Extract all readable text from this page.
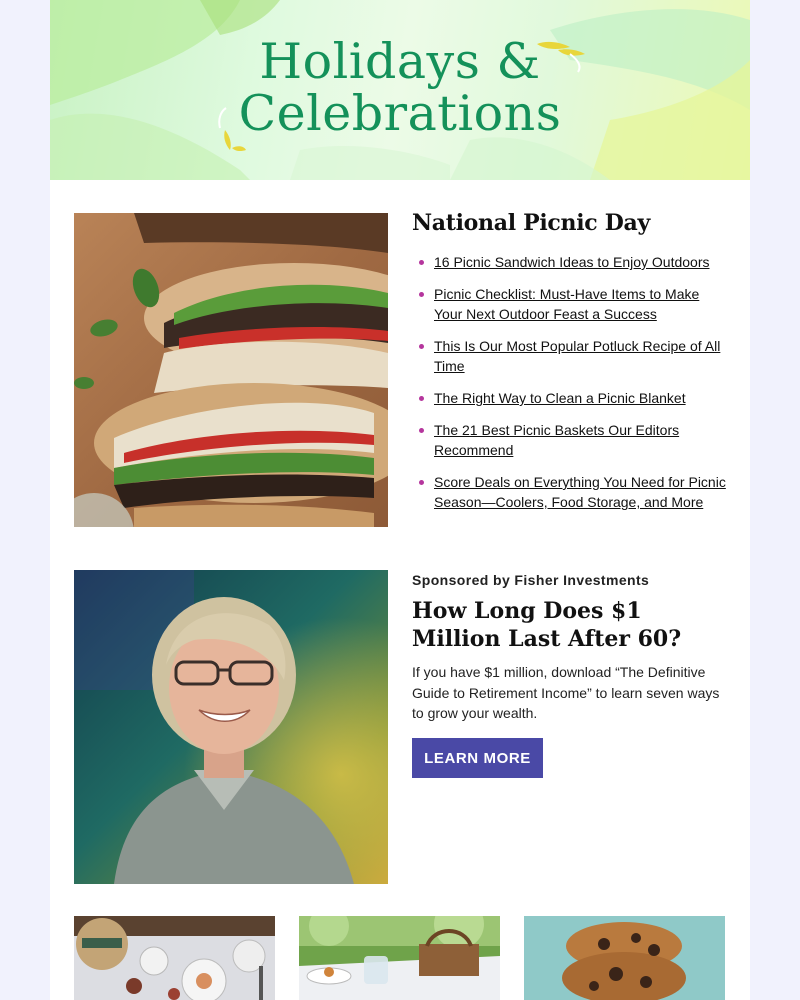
Holidays &
Celebrations
National Picnic Day
16 Picnic Sandwich Ideas to Enjoy Outdoors
Picnic Checklist: Must-Have Items to Make Your Next Outdoor Feast a Success
This Is Our Most Popular Potluck Recipe of All Time
The Right Way to Clean a Picnic Blanket
The 21 Best Picnic Baskets Our Editors Recommend
Score Deals on Everything You Need for Picnic Season—Coolers, Food Storage, and More
Sponsored by Fisher Investments
How Long Does $1 Million Last After 60?
If you have $1 million, download “The Definitive Guide to Retirement Income” to learn seven ways to grow your wealth.
LEARN MORE
